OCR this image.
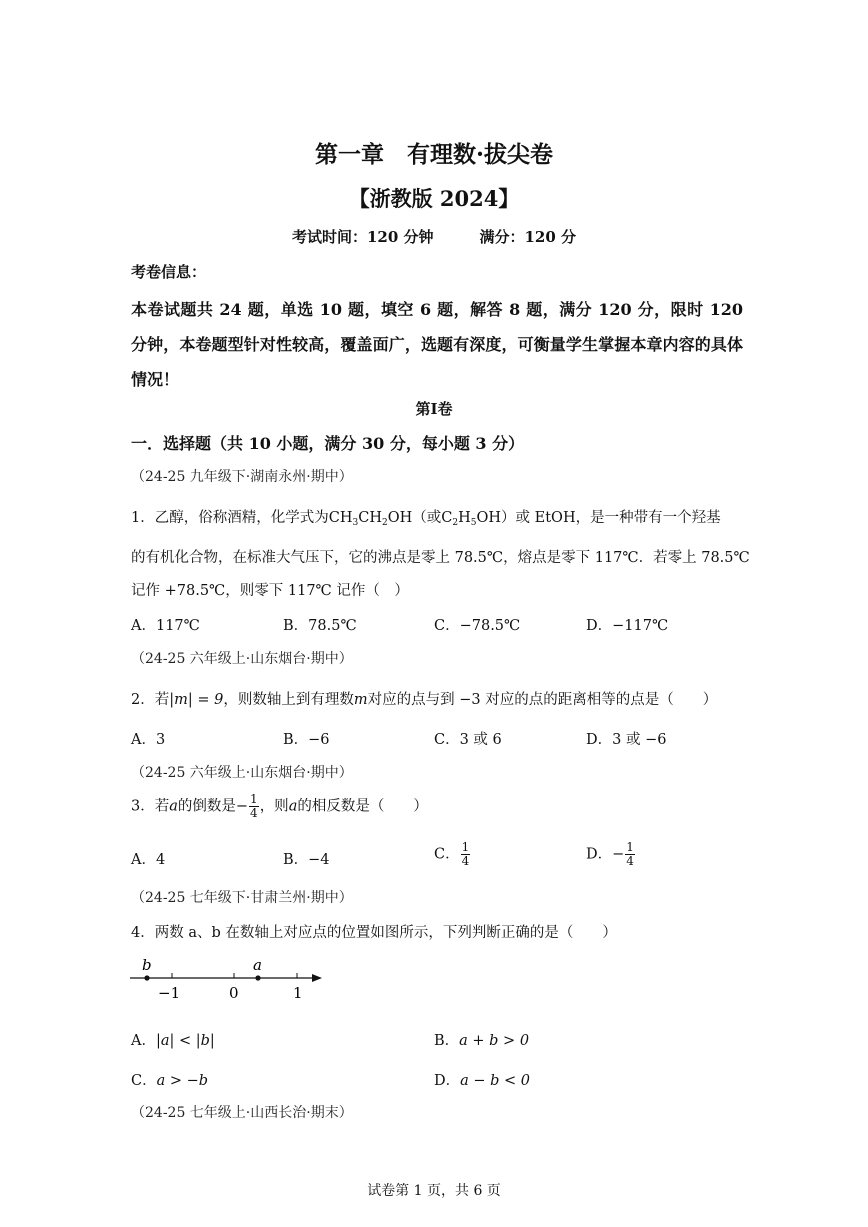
第一章　有理数·拔尖卷
【浙教版 2024】
考试时间：120 分钟	满分：120 分
考卷信息：
本卷试题共 24 题，单选 10 题，填空 6 题，解答 8 题，满分 120 分，限时 120 分钟，本卷题型针对性较高，覆盖面广，选题有深度，可衡量学生掌握本章内容的具体情况！
第Ⅰ卷
一．选择题（共 10 小题，满分 30 分，每小题 3 分）
（24-25 九年级下·湖南永州·期中）
1．乙醇，俗称酒精，化学式为$CH_3CH_2OH$（或$C_2H_5OH$）或 EtOH，是一种带有一个羟基
的有机化合物，在标准大气压下，它的沸点是零上 78.5℃，熔点是零下 117℃．若零上 78.5℃
记作 +78.5℃，则零下 117℃ 记作（　）
A．117℃	B．78.5℃	C．−78.5℃	D．−117℃
（24-25 六年级上·山东烟台·期中）
2．若|m| = 9，则数轴上到有理数m对应的点与到 −3 对应的点的距离相等的点是（　　）
A．3	B．−6	C．3 或 6	D．3 或 −6
（24-25 六年级上·山东烟台·期中）
3．若a的倒数是− $\frac{1}{4}$ ，则a的相反数是（　　）
A．4	B．−4	C． $\frac{1}{4}$	D．− $\frac{1}{4}$
（24-25 七年级下·甘肃兰州·期中）
4．两数 a、b 在数轴上对应点的位置如图所示，下列判断正确的是（　　）
b	a
−1	0	1
A．|a| < |b|	B．a + b > 0
C．a > −b	D．a − b < 0
（24-25 七年级上·山西长治·期末）
试卷第 1 页，共 6 页
